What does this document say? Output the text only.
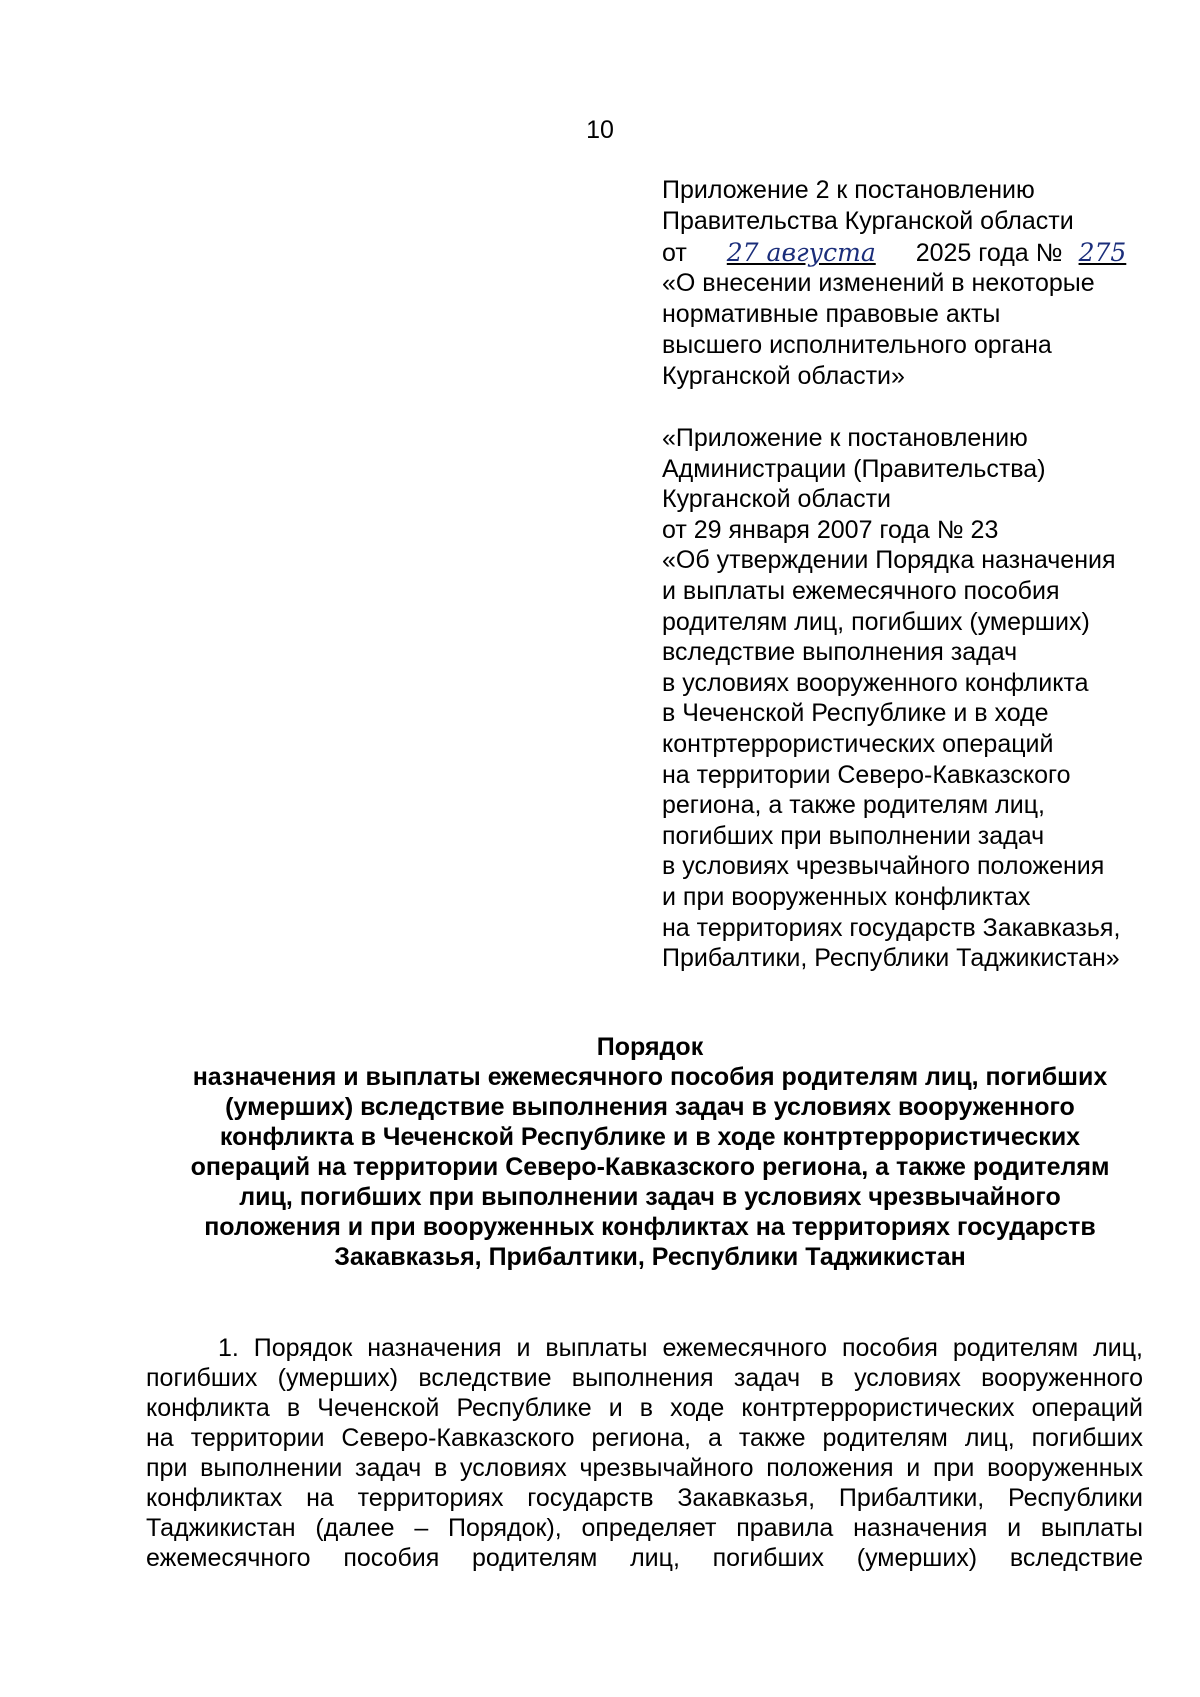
10
Приложение 2 к постановлению
Правительства Курганской области
от 27 августа 2025 года № 275
«О внесении изменений в некоторые
нормативные правовые акты
высшего исполнительного органа
Курганской области»
«Приложение к постановлению
Администрации (Правительства)
Курганской области
от 29 января 2007 года № 23
«Об утверждении Порядка назначения
и выплаты ежемесячного пособия
родителям лиц, погибших (умерших)
вследствие выполнения задач
в условиях вооруженного конфликта
в Чеченской Республике и в ходе
контртеррористических операций
на территории Северо-Кавказского
региона, а также родителям лиц,
погибших при выполнении задач
в условиях чрезвычайного положения
и при вооруженных конфликтах
на территориях государств Закавказья,
Прибалтики, Республики Таджикистан»
Порядок
назначения и выплаты ежемесячного пособия родителям лиц, погибших
(умерших) вследствие выполнения задач в условиях вооруженного
конфликта в Чеченской Республике и в ходе контртеррористических
операций на территории Северо-Кавказского региона, а также родителям
лиц, погибших при выполнении задач в условиях чрезвычайного
положения и при вооруженных конфликтах на территориях государств
Закавказья, Прибалтики, Республики Таджикистан
1. Порядок назначения и выплаты ежемесячного пособия родителям лиц,
погибших (умерших) вследствие выполнения задач в условиях вооруженного
конфликта в Чеченской Республике и в ходе контртеррористических операций
на территории Северо-Кавказского региона, а также родителям лиц, погибших
при выполнении задач в условиях чрезвычайного положения и при вооруженных
конфликтах на территориях государств Закавказья, Прибалтики, Республики
Таджикистан (далее – Порядок), определяет правила назначения и выплаты
ежемесячного пособия родителям лиц, погибших (умерших) вследствие
